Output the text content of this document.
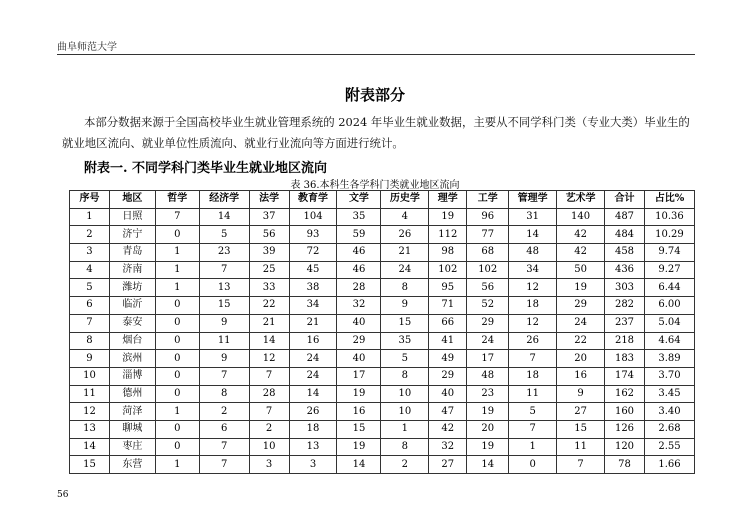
曲阜师范大学
附表部分
本部分数据来源于全国高校毕业生就业管理系统的 2024 年毕业生就业数据，主要从不同学科门类（专业大类）毕业生的就业地区流向、就业单位性质流向、就业行业流向等方面进行统计。
附表一. 不同学科门类毕业生就业地区流向
表 36.本科生各学科门类就业地区流向
序号	地区	哲学	经济学	法学	教育学	文学	历史学	理学	工学	管理学	艺术学	合计	占比%
1	日照	7	14	37	104	35	4	19	96	31	140	487	10.36
2	济宁	0	5	56	93	59	26	112	77	14	42	484	10.29
3	青岛	1	23	39	72	46	21	98	68	48	42	458	9.74
4	济南	1	7	25	45	46	24	102	102	34	50	436	9.27
5	潍坊	1	13	33	38	28	8	95	56	12	19	303	6.44
6	临沂	0	15	22	34	32	9	71	52	18	29	282	6.00
7	泰安	0	9	21	21	40	15	66	29	12	24	237	5.04
8	烟台	0	11	14	16	29	35	41	24	26	22	218	4.64
9	滨州	0	9	12	24	40	5	49	17	7	20	183	3.89
10	淄博	0	7	7	24	17	8	29	48	18	16	174	3.70
11	德州	0	8	28	14	19	10	40	23	11	9	162	3.45
12	菏泽	1	2	7	26	16	10	47	19	5	27	160	3.40
13	聊城	0	6	2	18	15	1	42	20	7	15	126	2.68
14	枣庄	0	7	10	13	19	8	32	19	1	11	120	2.55
15	东营	1	7	3	3	14	2	27	14	0	7	78	1.66
56
